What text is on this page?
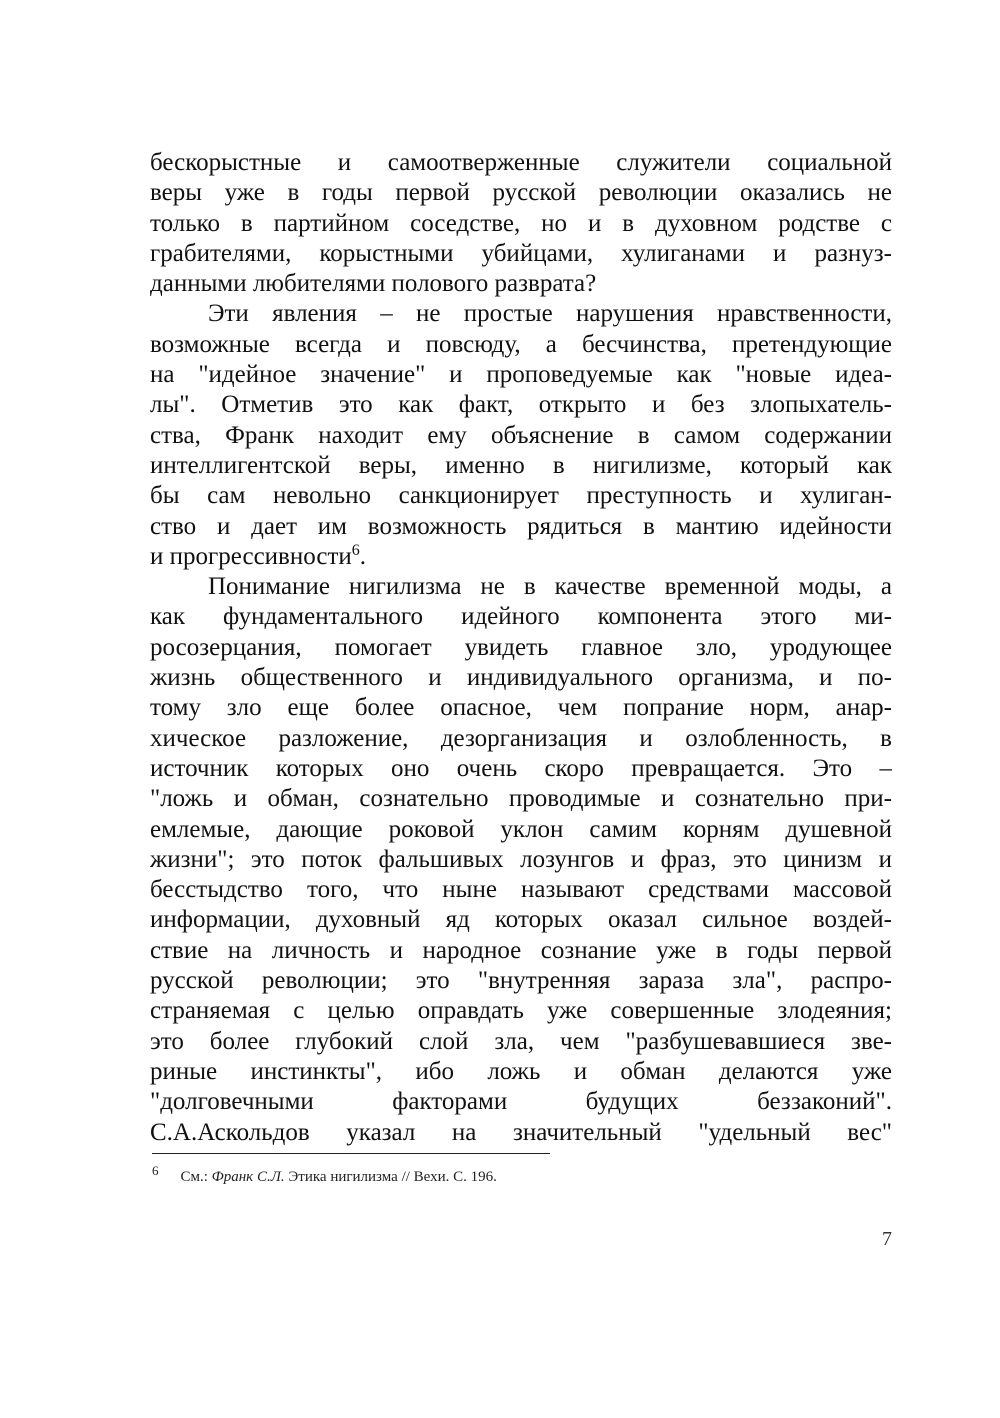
бескорыстные и самоотверженные служители социальной
веры уже в годы первой русской революции оказались не
только в партийном соседстве, но и в духовном родстве с
грабителями, корыстными убийцами, хулиганами и разнуз-
данными любителями полового разврата?
Эти явления – не простые нарушения нравственности,
возможные всегда и повсюду, а бесчинства, претендующие
на "идейное значение" и проповедуемые как "новые идеа-
лы". Отметив это как факт, открыто и без злопыхатель-
ства, Франк находит ему объяснение в самом содержании
интеллигентской веры, именно в нигилизме, который как
бы сам невольно санкционирует преступность и хулиган-
ство и дает им возможность рядиться в мантию идейности
и прогрессивности$^6$.
Понимание нигилизма не в качестве временной моды, а
как фундаментального идейного компонента этого ми-
росозерцания, помогает увидеть главное зло, уродующее
жизнь общественного и индивидуального организма, и по-
тому зло еще более опасное, чем попрание норм, анар-
хическое разложение, дезорганизация и озлобленность, в
источник которых оно очень скоро превращается. Это –
"ложь и обман, сознательно проводимые и сознательно при-
емлемые, дающие роковой уклон самим корням душевной
жизни"; это поток фальшивых лозунгов и фраз, это цинизм и
бесстыдство того, что ныне называют средствами массовой
информации, духовный яд которых оказал сильное воздей-
ствие на личность и народное сознание уже в годы первой
русской революции; это "внутренняя зараза зла", распро-
страняемая с целью оправдать уже совершенные злодеяния;
это более глубокий слой зла, чем "разбушевавшиеся зве-
риные инстинкты", ибо ложь и обман делаются уже
"долговечными факторами будущих беззаконий".
С.А.Аскольдов указал на значительный "удельный вес"
6 См.: Франк С.Л. Этика нигилизма // Вехи. С. 196.
7
